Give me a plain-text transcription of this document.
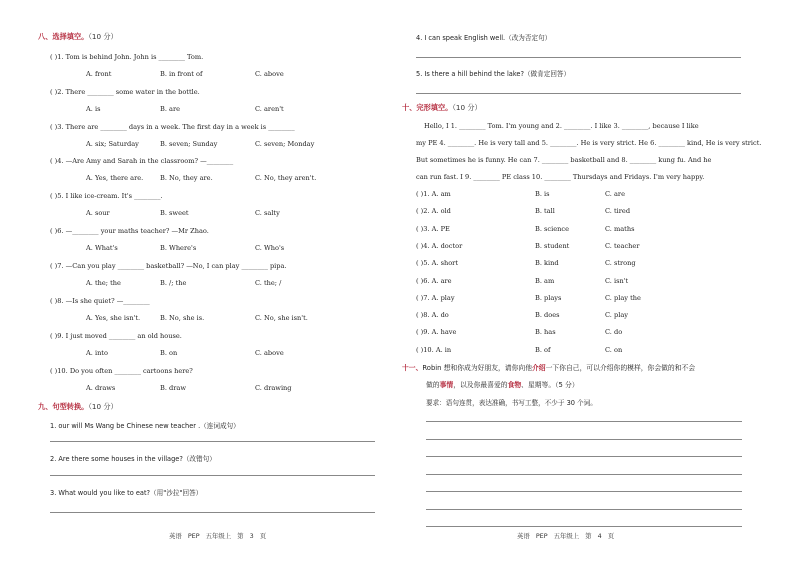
八、选择填空。（10 分）
( )1. Tom is behind John. John is ________ Tom.
A. front	B. in front of	C. above
( )2. There ________ some water in the bottle.
A. is	B. are	C. aren't
( )3. There are ________ days in a week. The first day in a week is ________
A. six; Saturday	B. seven; Sunday	C. seven; Monday
( )4. —Are Amy and Sarah in the classroom? —________
A. Yes, there are.	B. No, they are.	C. No, they aren't.
( )5. I like ice-cream. It's ________.
A. sour	B. sweet	C. salty
( )6. —________ your maths teacher? —Mr Zhao.
A. What's	B. Where's	C. Who's
( )7. —Can you play ________ basketball? —No, I can play ________ pipa.
A. the; the	B. /; the	C. the; /
( )8. —Is she quiet? —________
A. Yes, she isn't.	B. No, she is.	C. No, she isn't.
( )9. I just moved ________ an old house.
A. into	B. on	C. above
( )10. Do you often ________ cartoons here?
A. draws	B. draw	C. drawing
九、句型转换。（10 分）
1. our will Ms Wang be Chinese new teacher .（连词成句）
2. Are there some houses in the village?（改错句）
3. What would you like to eat?（用"沙拉"回答）
英语 PEP 五年级上 第 3 页
4. I can speak English well.（改为否定句）
5. Is there a hill behind the lake?（做肯定回答）
十、完形填空。（10 分）
Hello, I 1. ________ Tom. I'm young and 2. ________. I like 3. ________, because I like
my PE 4. ________. He is very tall and 5. ________. He is very strict. He 6. ________ kind, He is very strict.
But sometimes he is funny. He can 7. ________ basketball and 8. ________ kung fu. And he
can run fast. I 9. ________ PE class 10. ________ Thursdays and Fridays. I'm very happy.
( )1. A. am	B. is	C. are
( )2. A. old	B. tall	C. tired
( )3. A. PE	B. science	C. maths
( )4. A. doctor	B. student	C. teacher
( )5. A. short	B. kind	C. strong
( )6. A. are	B. am	C. isn't
( )7. A. play	B. plays	C. play the
( )8. A. do	B. does	C. play
( )9. A. have	B. has	C. do
( )10. A. in	B. of	C. on
十一、Robin 想和你成为好朋友，请你向他介绍一下你自己，可以介绍你的模样，你会做的和不会
做的事情，以及你最喜爱的食物、星期等。（5 分）
要求：语句连贯，表达准确，书写工整，不少于 30 个词。
英语 PEP 五年级上 第 4 页
